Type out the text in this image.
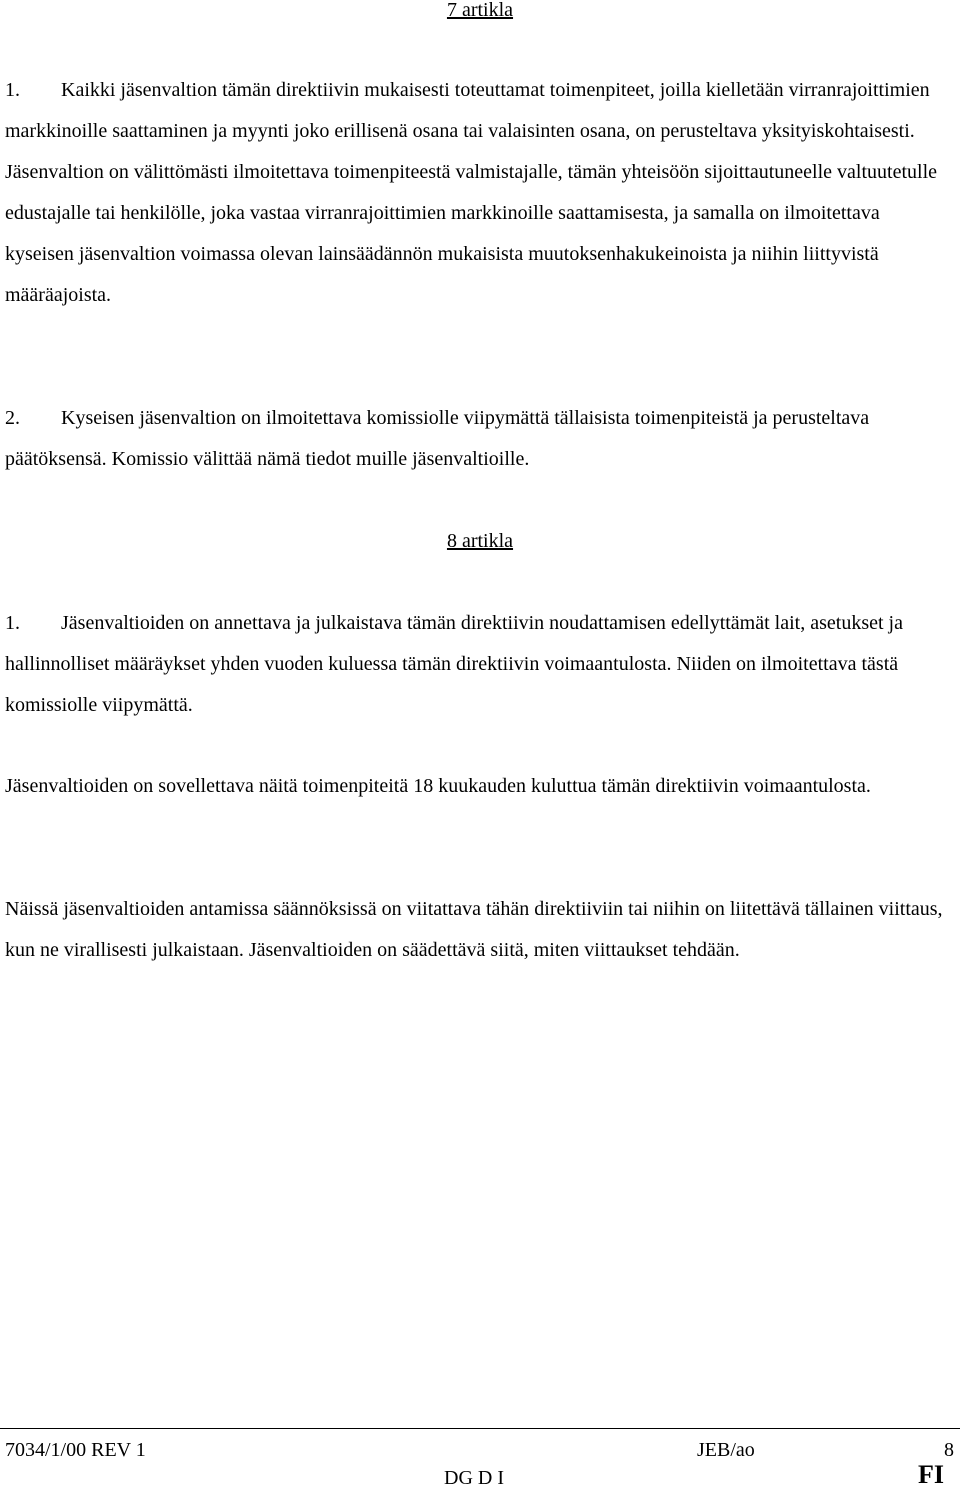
7 artikla
1. Kaikki jäsenvaltion tämän direktiivin mukaisesti toteuttamat toimenpiteet, joilla kielletään virranrajoittimien markkinoille saattaminen ja myynti joko erillisenä osana tai valaisinten osana, on perusteltava yksityiskohtaisesti. Jäsenvaltion on välittömästi ilmoitettava toimenpiteestä valmistajalle, tämän yhteisöön sijoittautuneelle valtuutetulle edustajalle tai henkilölle, joka vastaa virranrajoittimien markkinoille saattamisesta, ja samalla on ilmoitettava kyseisen jäsenvaltion voimassa olevan lainsäädännön mukaisista muutoksenhakukeinoista ja niihin liittyvistä määräajoista.
2. Kyseisen jäsenvaltion on ilmoitettava komissiolle viipymättä tällaisista toimenpiteistä ja perusteltava päätöksensä. Komissio välittää nämä tiedot muille jäsenvaltioille.
8 artikla
1. Jäsenvaltioiden on annettava ja julkaistava tämän direktiivin noudattamisen edellyttämät lait, asetukset ja hallinnolliset määräykset yhden vuoden kuluessa tämän direktiivin voimaantulosta. Niiden on ilmoitettava tästä komissiolle viipymättä.
Jäsenvaltioiden on sovellettava näitä toimenpiteitä 18 kuukauden kuluttua tämän direktiivin voimaantulosta.
Näissä jäsenvaltioiden antamissa säännöksissä on viitattava tähän direktiiviin tai niihin on liitettävä tällainen viittaus, kun ne virallisesti julkaistaan. Jäsenvaltioiden on säädettävä siitä, miten viittaukset tehdään.
7034/1/00 REV 1	JEB/ao	8
DG D I	FI
